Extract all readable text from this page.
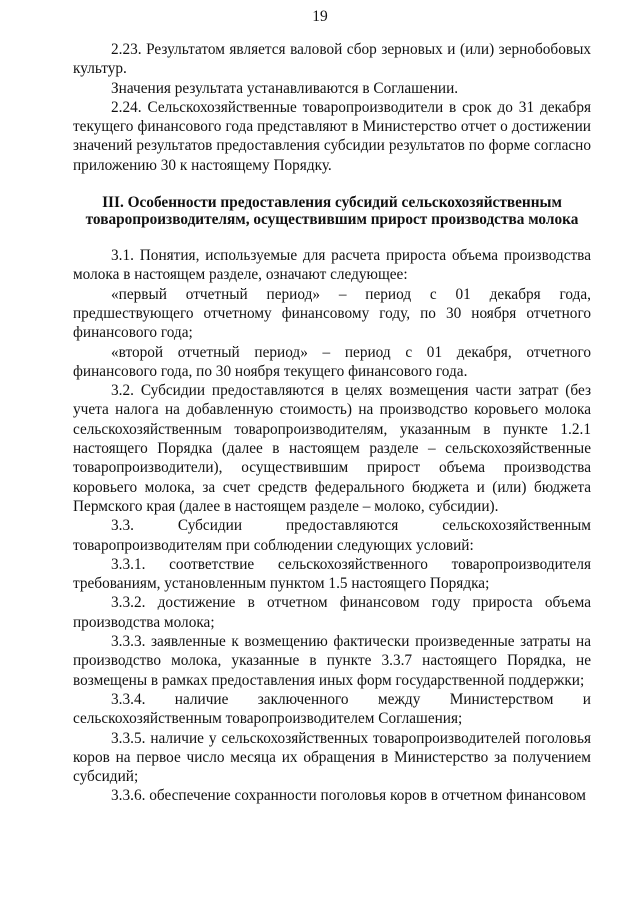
19

2.23. Результатом является валовой сбор зерновых и (или) зернобобовых культур.

Значения результата устанавливаются в Соглашении.

2.24. Сельскохозяйственные товаропроизводители в срок до 31 декабря текущего финансового года представляют в Министерство отчет о достижении значений результатов предоставления субсидии результатов по форме согласно приложению 30 к настоящему Порядку.

III. Особенности предоставления субсидий сельскохозяйственным товаропроизводителям, осуществившим прирост производства молока

3.1. Понятия, используемые для расчета прироста объема производства молока в настоящем разделе, означают следующее:

«первый отчетный период» – период с 01 декабря года, предшествующего отчетному финансовому году, по 30 ноября отчетного финансового года;

«второй отчетный период» – период с 01 декабря, отчетного финансового года, по 30 ноября текущего финансового года.

3.2. Субсидии предоставляются в целях возмещения части затрат (без учета налога на добавленную стоимость) на производство коровьего молока сельскохозяйственным товаропроизводителям, указанным в пункте 1.2.1 настоящего Порядка (далее в настоящем разделе – сельскохозяйственные товаропроизводители), осуществившим прирост объема производства коровьего молока, за счет средств федерального бюджета и (или) бюджета Пермского края (далее в настоящем разделе – молоко, субсидии).

3.3. Субсидии предоставляются сельскохозяйственным товаропроизводителям при соблюдении следующих условий:

3.3.1. соответствие сельскохозяйственного товаропроизводителя требованиям, установленным пунктом 1.5 настоящего Порядка;

3.3.2. достижение в отчетном финансовом году прироста объема производства молока;

3.3.3. заявленные к возмещению фактически произведенные затраты на производство молока, указанные в пункте 3.3.7 настоящего Порядка, не возмещены в рамках предоставления иных форм государственной поддержки;

3.3.4. наличие заключенного между Министерством и сельскохозяйственным товаропроизводителем Соглашения;

3.3.5. наличие у сельскохозяйственных товаропроизводителей поголовья коров на первое число месяца их обращения в Министерство за получением субсидий;

3.3.6. обеспечение сохранности поголовья коров в отчетном финансовом
